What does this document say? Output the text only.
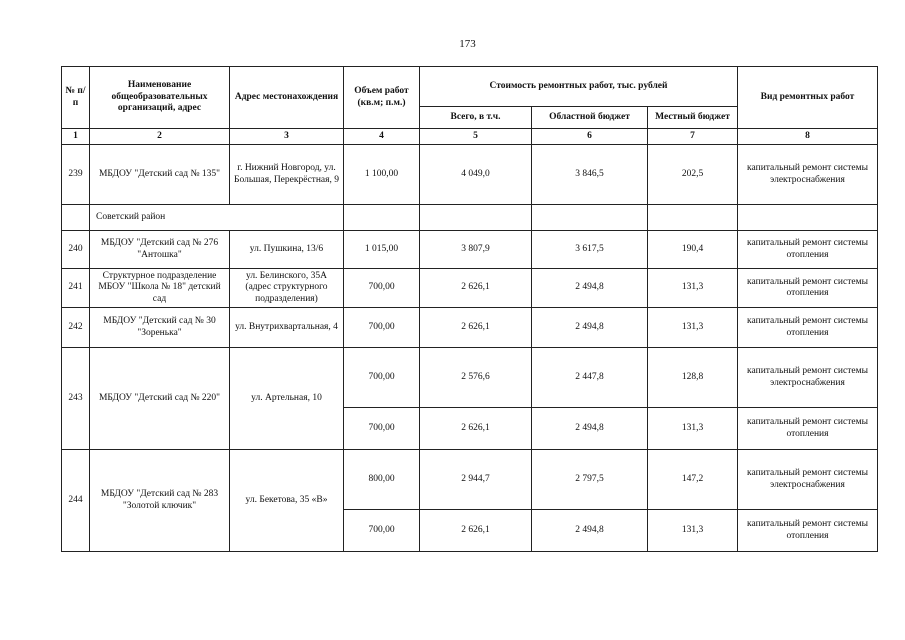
173
№ п/п	Наименование общеобразовательных организаций, адрес	Адрес местонахождения	Объем работ (кв.м; п.м.)	Стоимость ремонтных работ, тыс. рублей			Вид ремонтных работ
				Всего, в т.ч.	Областной бюджет	Местный бюджет	
1	2	3	4	5	6	7	8
239	МБДОУ "Детский сад № 135"	г. Нижний Новгород, ул. Большая, Перекрёстная, 9	1 100,00	4 049,0	3 846,5	202,5	капитальный ремонт системы электроснабжения
	Советский район						
240	МБДОУ "Детский сад № 276 "Антошка"	ул. Пушкина, 13/6	1 015,00	3 807,9	3 617,5	190,4	капитальный ремонт системы отопления
241	Структурное подразделение МБОУ "Школа № 18" детский сад	ул. Белинского, 35А (адрес структурного подразделения)	700,00	2 626,1	2 494,8	131,3	капитальный ремонт системы отопления
242	МБДОУ "Детский сад № 30 "Зоренька"	ул. Внутрихвартальная, 4	700,00	2 626,1	2 494,8	131,3	капитальный ремонт системы отопления
243	МБДОУ "Детский сад № 220"	ул. Артельная, 10	700,00	2 576,6	2 447,8	128,8	капитальный ремонт системы электроснабжения
			700,00	2 626,1	2 494,8	131,3	капитальный ремонт системы отопления
244	МБДОУ "Детский сад № 283 "Золотой ключик"	ул. Бекетова, 35 «В»	800,00	2 944,7	2 797,5	147,2	капитальный ремонт системы электроснабжения
			700,00	2 626,1	2 494,8	131,3	капитальный ремонт системы отопления
